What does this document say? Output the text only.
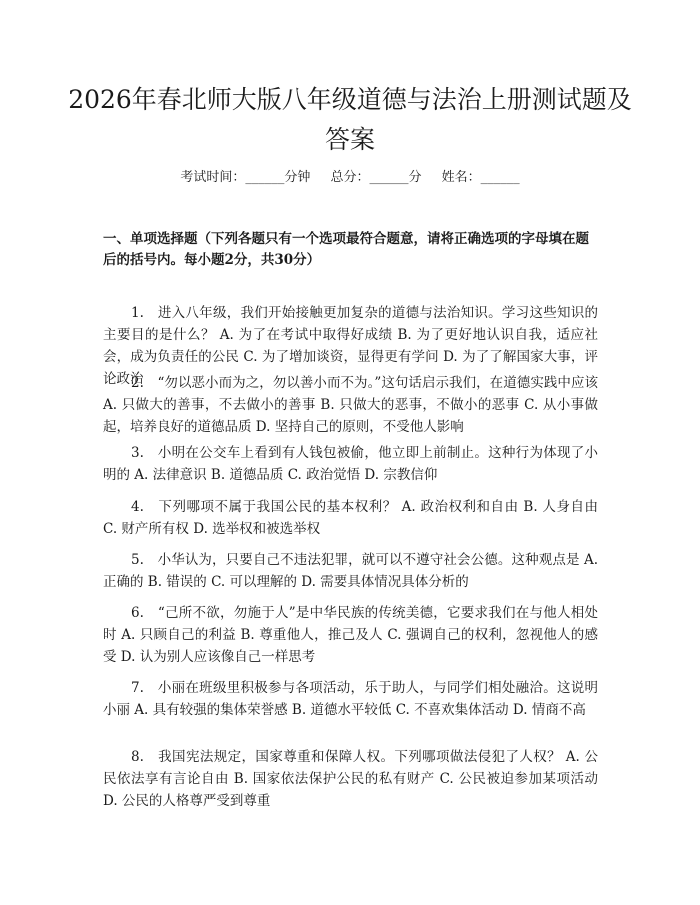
2026年春北师大版八年级道德与法治上册测试题及答案
考试时间：______分钟 总分：______分 姓名：______

一、单项选择题（下列各题只有一个选项最符合题意，请将正确选项的字母填在题后的括号内。每小题2分，共30分）

1.　进入八年级，我们开始接触更加复杂的道德与法治知识。学习这些知识的主要目的是什么？ A. 为了在考试中取得好成绩 B. 为了更好地认识自我，适应社会，成为负责任的公民 C. 为了增加谈资，显得更有学问 D. 为了了解国家大事，评论政治

2.　“勿以恶小而为之，勿以善小而不为。”这句话启示我们，在道德实践中应该 A. 只做大的善事，不去做小的善事 B. 只做大的恶事，不做小的恶事 C. 从小事做起，培养良好的道德品质 D. 坚持自己的原则，不受他人影响

3.　小明在公交车上看到有人钱包被偷，他立即上前制止。这种行为体现了小明的 A. 法律意识 B. 道德品质 C. 政治觉悟 D. 宗教信仰

4.　下列哪项不属于我国公民的基本权利？ A. 政治权利和自由 B. 人身自由 C. 财产所有权 D. 选举权和被选举权

5.　小华认为，只要自己不违法犯罪，就可以不遵守社会公德。这种观点是 A. 正确的 B. 错误的 C. 可以理解的 D. 需要具体情况具体分析的

6.　“己所不欲，勿施于人”是中华民族的传统美德，它要求我们在与他人相处时 A. 只顾自己的利益 B. 尊重他人，推己及人 C. 强调自己的权利，忽视他人的感受 D. 认为别人应该像自己一样思考

7.　小丽在班级里积极参与各项活动，乐于助人，与同学们相处融洽。这说明小丽 A. 具有较强的集体荣誉感 B. 道德水平较低 C. 不喜欢集体活动 D. 情商不高

8.　我国宪法规定，国家尊重和保障人权。下列哪项做法侵犯了人权？ A. 公民依法享有言论自由 B. 国家依法保护公民的私有财产 C. 公民被迫参加某项活动 D. 公民的人格尊严受到尊重
